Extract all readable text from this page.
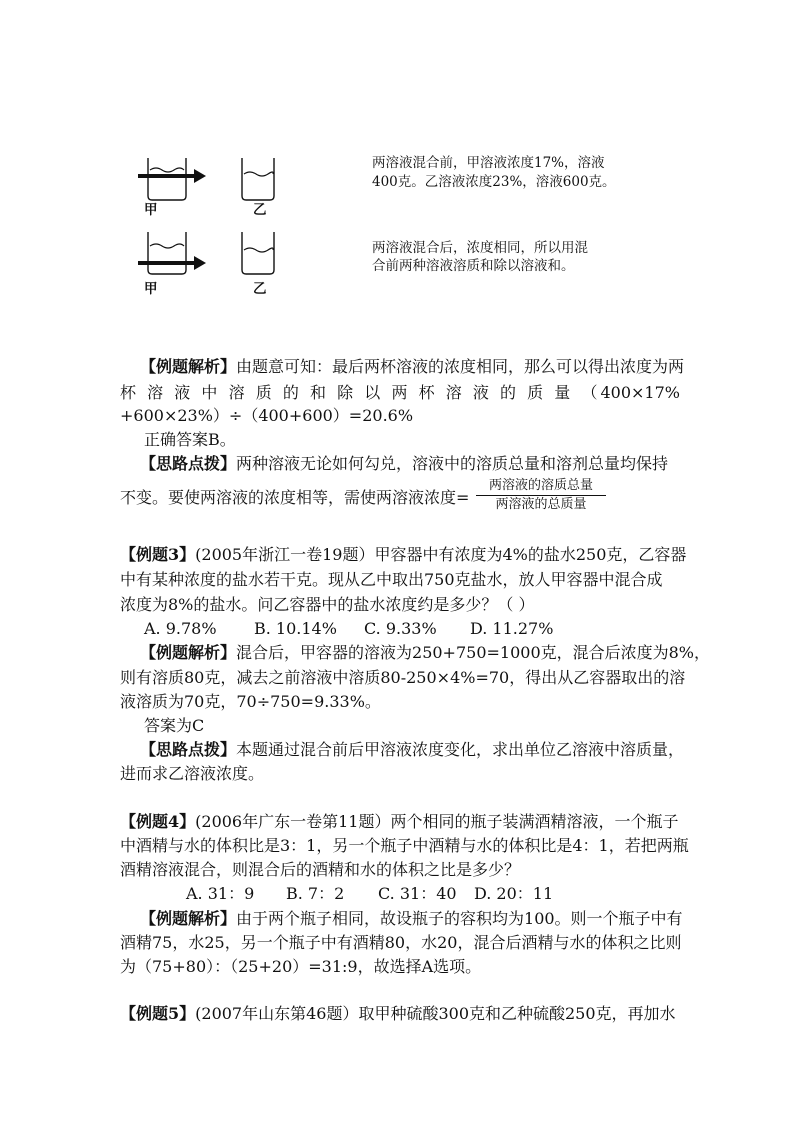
甲	乙
甲	乙
两溶液混合前，甲溶液浓度17%，溶液
400克。乙溶液浓度23%，溶液600克。
两溶液混合后，浓度相同，所以用混
合前两种溶液溶质和除以溶液和。
【例题解析】由题意可知：最后两杯溶液的浓度相同，那么可以得出浓度为两
杯 溶 液 中 溶 质 的 和 除 以 两 杯 溶 液 的 质 量 （400×17%
+600×23%）÷（400+600）=20.6%
正确答案B。
【思路点拨】两种溶液无论如何勾兑，溶液中的溶质总量和溶剂总量均保持
不变。要使两溶液的浓度相等，需使两溶液浓度=
两溶液的溶质总量
两溶液的总质量
【例题3】(2005年浙江一卷19题）甲容器中有浓度为4%的盐水250克，乙容器
中有某种浓度的盐水若干克。现从乙中取出750克盐水，放人甲容器中混合成
浓度为8%的盐水。问乙容器中的盐水浓度约是多少？（ ）
A. 9.78% B. 10.14% C. 9.33% D. 11.27%
【例题解析】混合后，甲容器的溶液为250+750=1000克，混合后浓度为8%，
则有溶质80克，减去之前溶液中溶质80-250×4%=70，得出从乙容器取出的溶
液溶质为70克，70÷750=9.33%。
答案为C
【思路点拨】本题通过混合前后甲溶液浓度变化，求出单位乙溶液中溶质量，
进而求乙溶液浓度。
【例题4】(2006年广东一卷第11题）两个相同的瓶子装满酒精溶液，一个瓶子
中酒精与水的体积比是3：1，另一个瓶子中酒精与水的体积比是4：1，若把两瓶
酒精溶液混合，则混合后的酒精和水的体积之比是多少？
A. 31：9 B. 7：2 C. 31：40 D. 20：11
【例题解析】由于两个瓶子相同，故设瓶子的容积均为100。则一个瓶子中有
酒精75，水25，另一个瓶子中有酒精80，水20，混合后酒精与水的体积之比则
为（75+80）：（25+20）=31:9，故选择A选项。
【例题5】(2007年山东第46题）取甲种硫酸300克和乙种硫酸250克，再加水
